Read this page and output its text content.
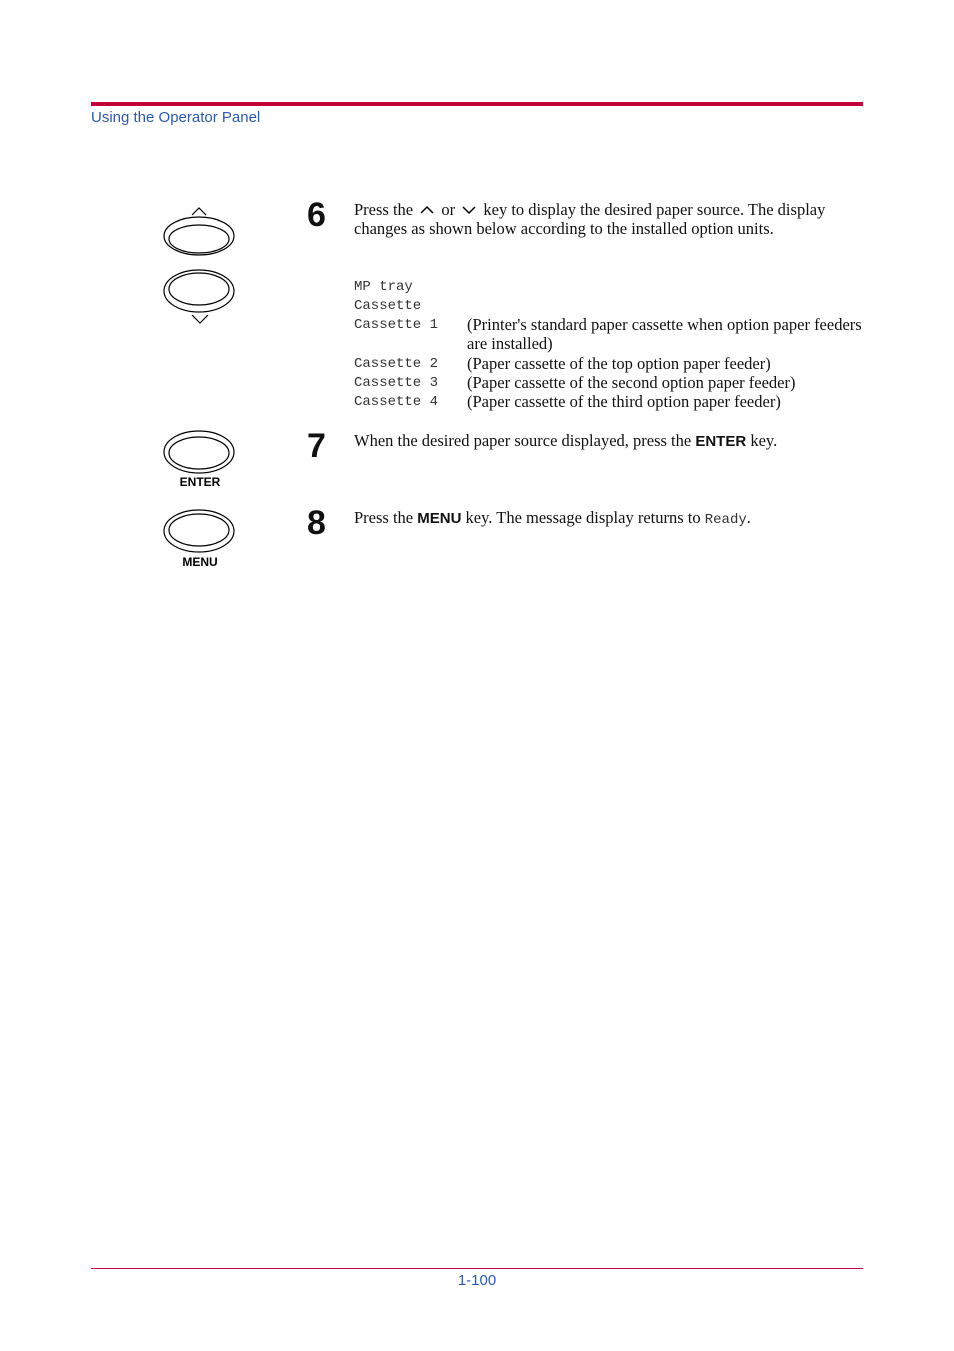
Using the Operator Panel
ENTER
MENU
6 Press the  or  key to display the desired paper source. The display changes as shown below according to the installed option units.
MP tray
Cassette
Cassette 1 (Printer's standard paper cassette when option paper feeders are installed)
Cassette 2 (Paper cassette of the top option paper feeder)
Cassette 3 (Paper cassette of the second option paper feeder)
Cassette 4 (Paper cassette of the third option paper feeder)
7 When the desired paper source displayed, press the ENTER key.
8 Press the MENU key. The message display returns to Ready.
1-100
